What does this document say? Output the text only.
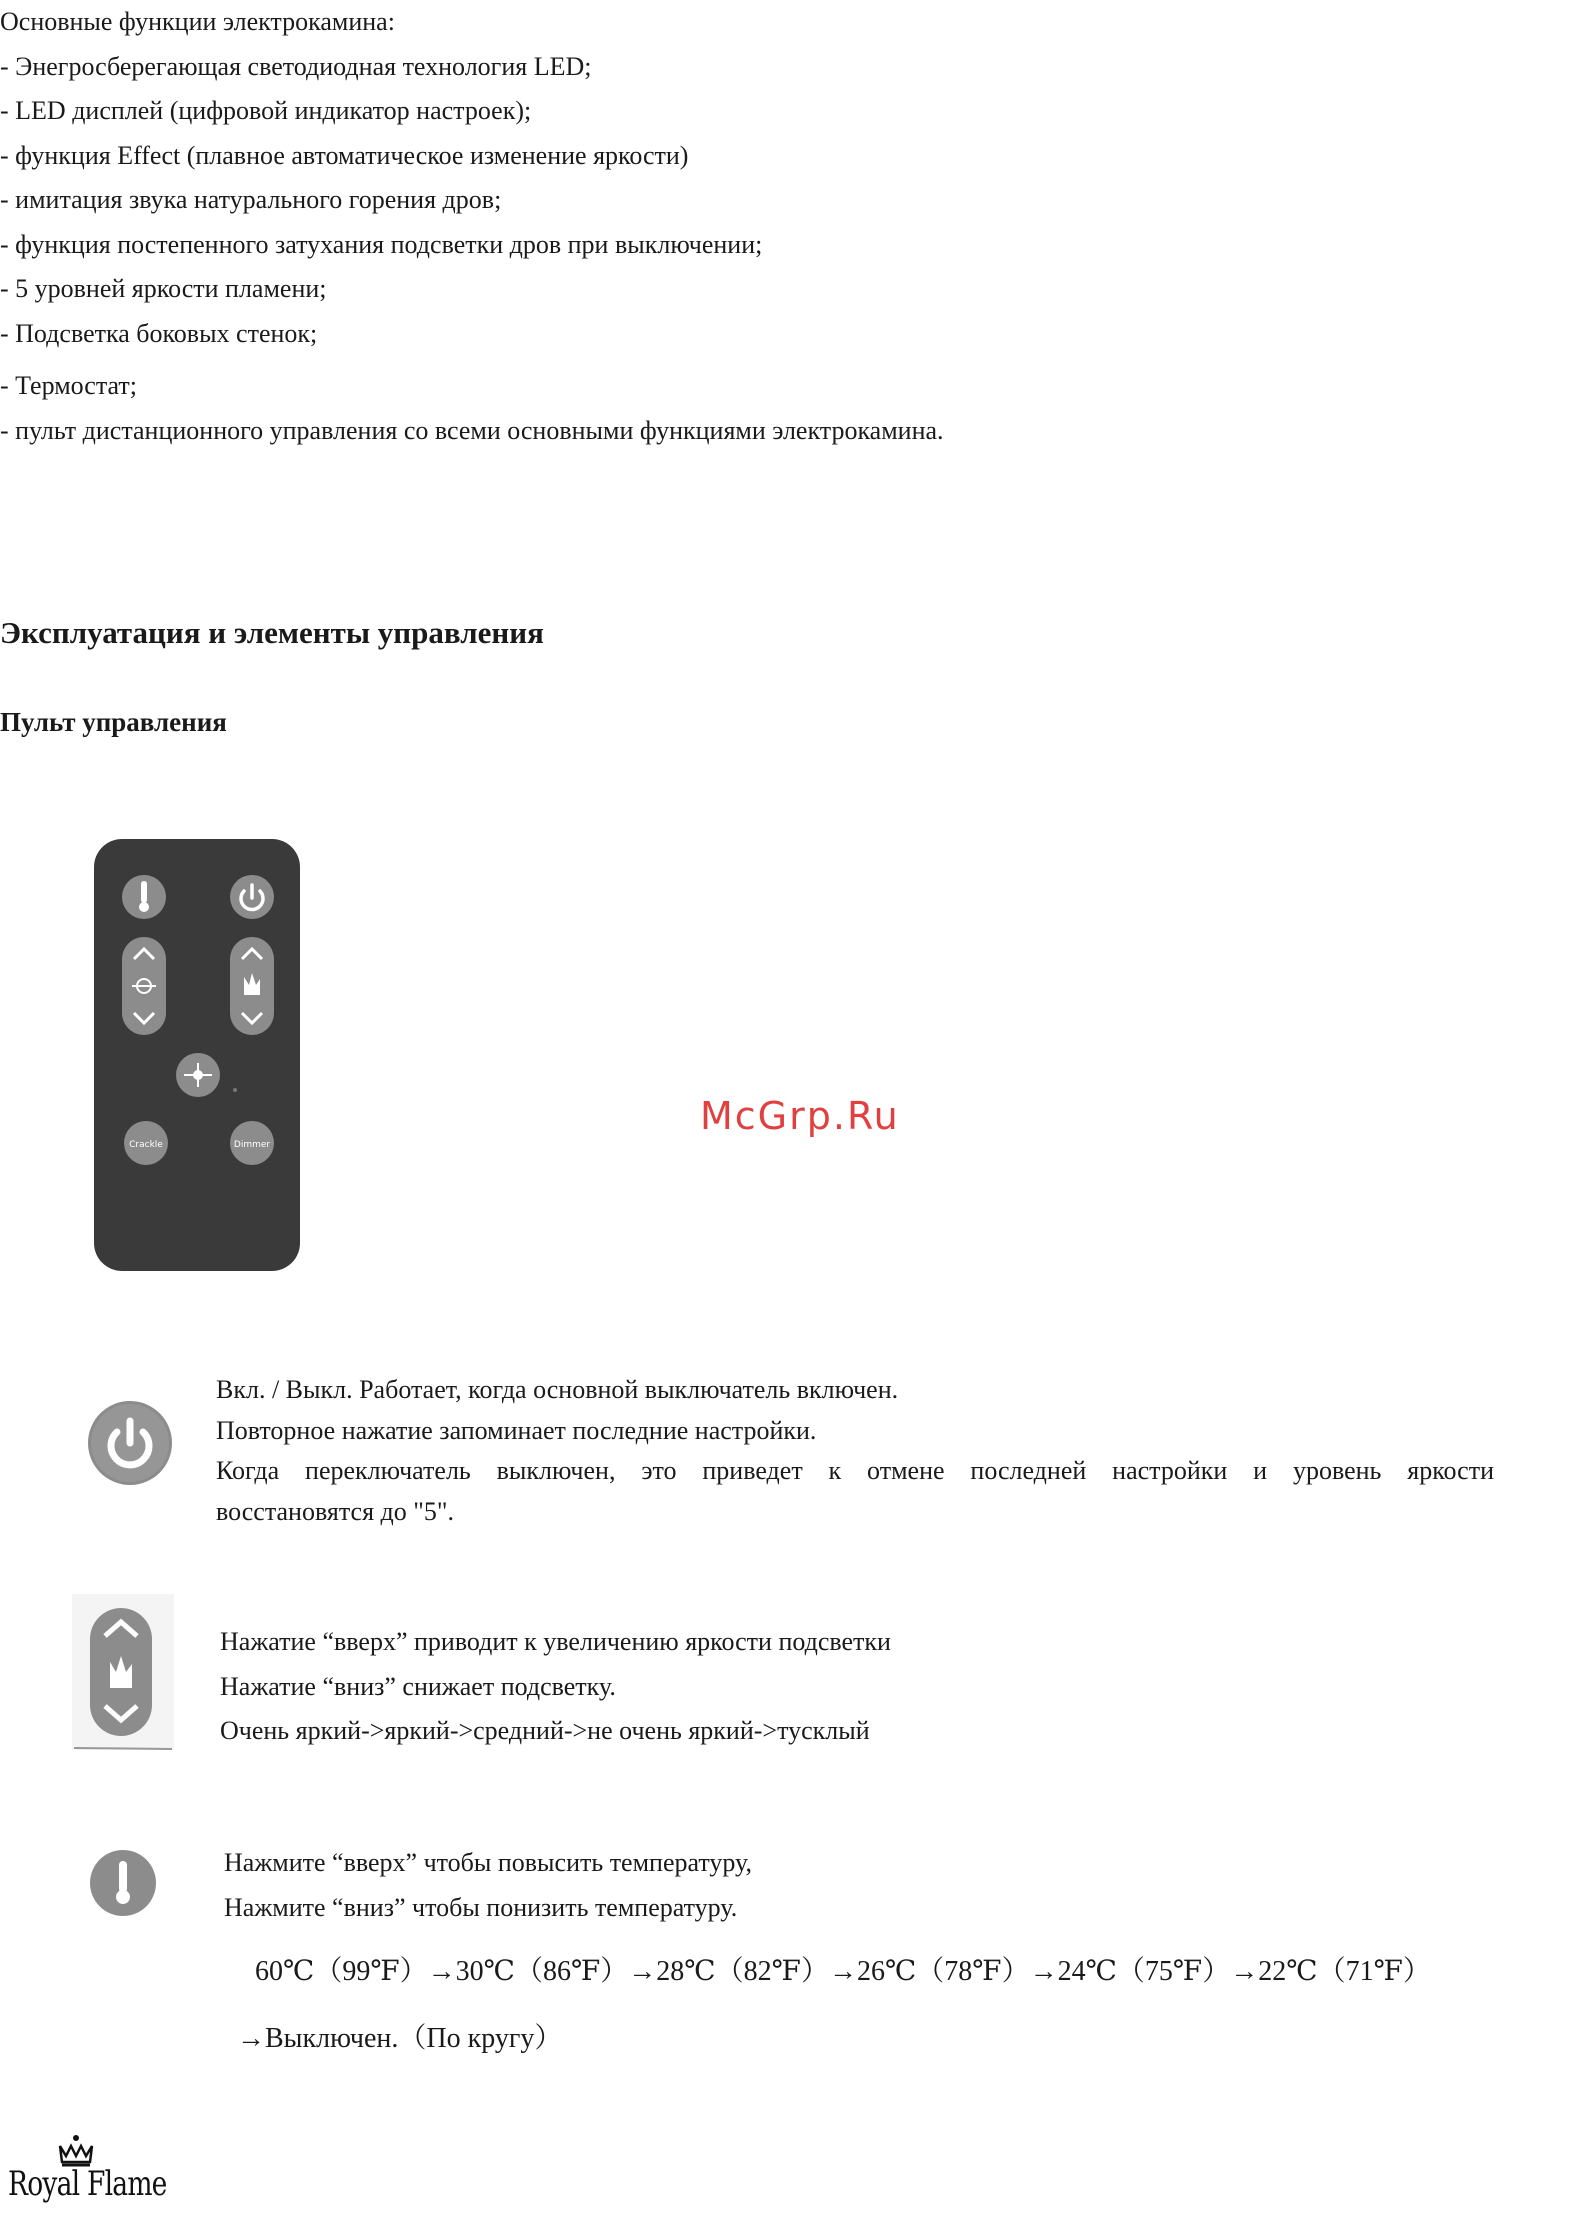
Основные функции электрокамина:

- Энегросберегающая светодиодная технология LED;

- LED дисплей (цифровой индикатор настроек);

- функция Effect (плавное автоматическое изменение яркости)

- имитация звука натурального горения дров;

- функция постепенного затухания подсветки дров при выключении;

- 5 уровней яркости пламени;

- Подсветка боковых стенок;

- Термостат;

- пульт дистанционного управления со всеми основными функциями электрокамина.

Эксплуатация и элементы управления
Пульт управления
Crackle	Dimmer
McGrp.Ru

Вкл. / Выкл. Работает, когда основной выключатель включен.

Повторное нажатие запоминает последние настройки.

Когда переключатель выключен, это приведет к отмене последней настройки и уровень яркости

восстановятся до "5".

Нажатие “вверх” приводит к увеличению яркости подсветки

Нажатие “вниз” снижает подсветку.

Очень яркий->яркий->средний->не очень яркий->тусклый

Нажмите “вверх” чтобы повысить температуру,

Нажмите “вниз” чтобы понизить температуру.

60℃（99℉）→30℃（86℉）→28℃（82℉）→26℃（78℉）→24℃（75℉）→22℃（71℉）
→Выключен.（По кругу）
Royal Flame
